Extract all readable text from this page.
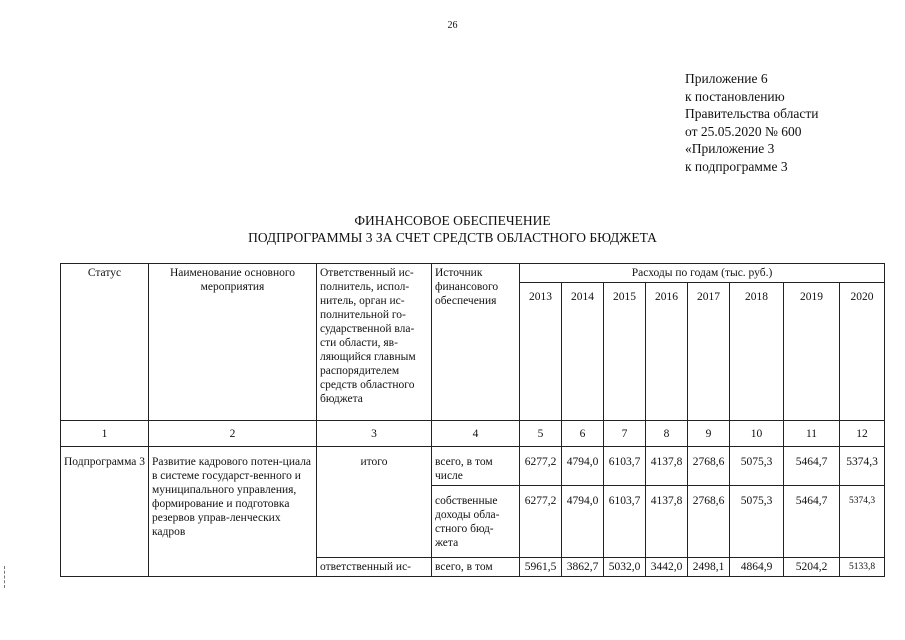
26
Приложение 6
к постановлению
Правительства области
от 25.05.2020 № 600
«Приложение 3
к подпрограмме 3
ФИНАНСОВОЕ ОБЕСПЕЧЕНИЕ
ПОДПРОГРАММЫ 3 ЗА СЧЕТ СРЕДСТВ ОБЛАСТНОГО БЮДЖЕТА
Статус	Наименование основного мероприятия	Ответственный ис-полнитель, испол-нитель, орган ис-полнительной го-сударственной вла-сти области, яв-ляющийся главным распорядителем средств областного бюджета	Источник финансового обеспечения	Расходы по годам (тыс. руб.)							
				2013	2014	2015	2016	2017	2018	2019	2020
1	2	3	4	5	6	7	8	9	10	11	12
Подпрограмма 3	Развитие кадрового потен-циала в системе государст-венного и муниципального управления, формирование и подготовка резервов управ-ленческих кадров	итого	всего, в том числе	6277,2	4794,0	6103,7	4137,8	2768,6	5075,3	5464,7	5374,3
			собственные доходы обла-стного бюд-жета	6277,2	4794,0	6103,7	4137,8	2768,6	5075,3	5464,7	5374,3
		ответственный ис-	всего, в том	5961,5	3862,7	5032,0	3442,0	2498,1	4864,9	5204,2	5133,8
